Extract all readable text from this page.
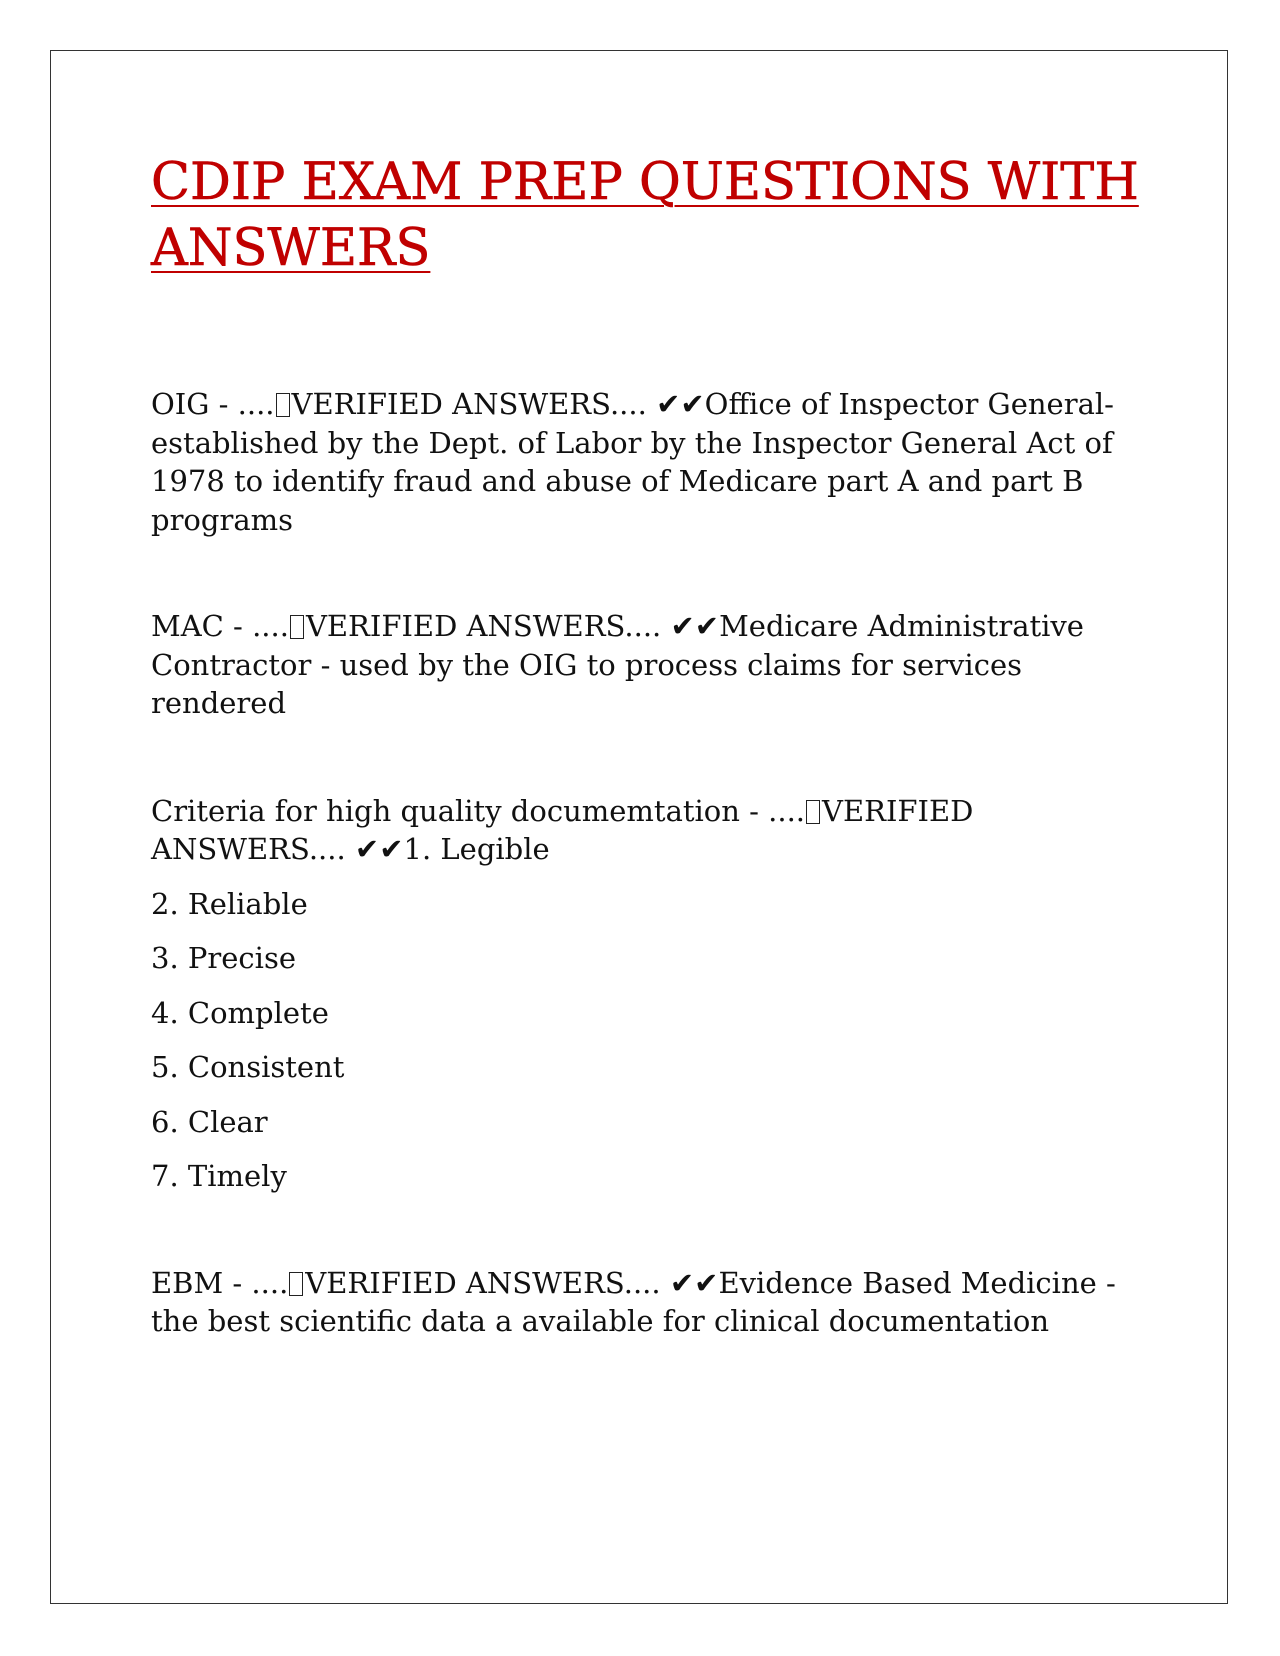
CDIP EXAM PREP QUESTIONS WITH ANSWERS

OIG - .... VERIFIED ANSWERS.... ✔✔Office of Inspector General- established by the Dept. of Labor by the Inspector General Act of 1978 to identify fraud and abuse of Medicare part A and part B programs

MAC - .... VERIFIED ANSWERS.... ✔✔Medicare Administrative Contractor - used by the OIG to process claims for services rendered

Criteria for high quality documemtation - .... VERIFIED ANSWERS.... ✔✔1. Legible

2. Reliable
3. Precise
4. Complete
5. Consistent
6. Clear
7. Timely

EBM - .... VERIFIED ANSWERS.... ✔✔Evidence Based Medicine - the best scientific data a available for clinical documentation
